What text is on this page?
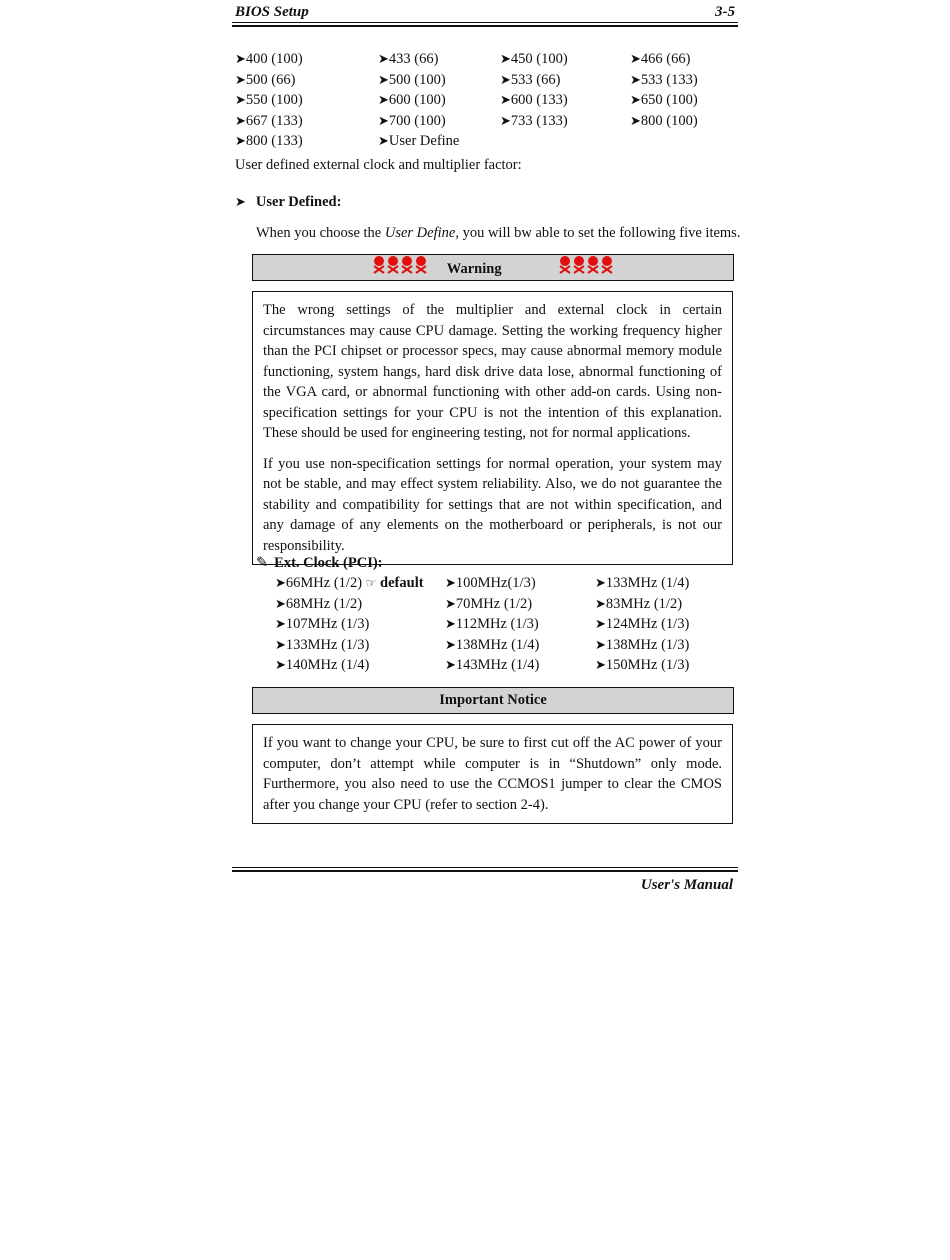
BIOS Setup	3-5
➤400 (100)	➤433 (66)	➤450 (100)	➤466 (66)
➤500 (66)	➤500 (100)	➤533 (66)	➤533 (133)
➤550 (100)	➤600 (100)	➤600 (133)	➤650 (100)
➤667 (133)	➤700 (100)	➤733 (133)	➤800 (100)
➤800 (133)	➤User Define
User defined external clock and multiplier factor:
➤ User Defined:
When you choose the User Define, you will bw able to set the following five items.
Warning

The wrong settings of the multiplier and external clock in certain circumstances may cause CPU damage. Setting the working frequency higher than the PCI chipset or processor specs, may cause abnormal memory module functioning, system hangs, hard disk drive data lose, abnormal functioning of the VGA card, or abnormal functioning with other add-on cards. Using non-specification settings for your CPU is not the intention of this explanation. These should be used for engineering testing, not for normal applications.

If you use non-specification settings for normal operation, your system may not be stable, and may effect system reliability. Also, we do not guarantee the stability and compatibility for settings that are not within specification, and any damage of any elements on the motherboard or peripherals, is not our responsibility.

✎ Ext. Clock (PCI):
➤66MHz (1/2) ☞ default ➤100MHz(1/3)	➤133MHz (1/4)
➤68MHz (1/2)	➤70MHz (1/2)	➤83MHz (1/2)
➤107MHz (1/3)	➤112MHz (1/3)	➤124MHz (1/3)
➤133MHz (1/3)	➤138MHz (1/4)	➤138MHz (1/3)
➤140MHz (1/4)	➤143MHz (1/4)	➤150MHz (1/3)
Important Notice

If you want to change your CPU, be sure to first cut off the AC power of your computer, don’t attempt while computer is in “Shutdown” only mode. Furthermore, you also need to use the CCMOS1 jumper to clear the CMOS after you change your CPU (refer to section 2-4).

User's Manual
